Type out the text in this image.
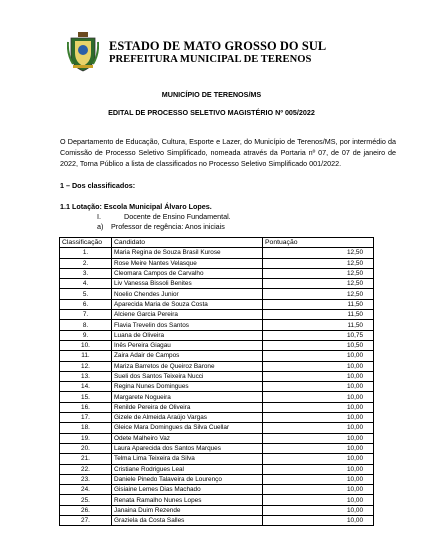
ESTADO DE MATO GROSSO DO SUL
PREFEITURA MUNICIPAL DE TERENOS
MUNICÍPIO DE TERENOS/MS
EDITAL DE PROCESSO SELETIVO MAGISTÉRIO Nº 005/2022
O Departamento de Educação, Cultura, Esporte e Lazer, do Município de Terenos/MS, por intermédio da Comissão de Processo Seletivo Simplificado, nomeada através da Portaria nº 07, de 07 de janeiro de 2022, Torna Público a lista de classificados no Processo Seletivo Simplificado 001/2022.
1 – Dos classificados:
1.1 Lotação: Escola Municipal Álvaro Lopes.
I.	Docente de Ensino Fundamental.
a) Professor de regência: Anos iniciais
Classificação	Candidato	Pontuação
1.	Maria Regina de Souza Brasil Kurose	12,50
2.	Rose Meire Nantes Velasque	12,50
3.	Cleomara Campos de Carvalho	12,50
4.	Liv Vanessa Bissoli Benites	12,50
5.	Noelio Chendes Junior	12,50
6.	Aparecida Maria de Souza Costa	11,50
7.	Alciene Garcia Pereira	11,50
8.	Flavia Trevelin dos Santos	11,50
9.	Luana de Oliveira	10,75
10.	Inês Pereira Giagau	10,50
11.	Zaira Adair de Campos	10,00
12.	Mariza Barretos de Queiroz Barone	10,00
13.	Sueli dos Santos Teixeira Nucci	10,00
14.	Regina Nunes Domingues	10,00
15.	Margarete Nogueira	10,00
16.	Renilde Pereira de Oliveira	10,00
17.	Gizele de Almeida Araújo Vargas	10,00
18.	Gleice Mara Domingues da Silva Cuellar	10,00
19.	Odete Malheiro Vaz	10,00
20.	Laura Aparecida dos Santos Marques	10,00
21.	Telma Lima Teixeira da Silva	10,00
22.	Cristiane Rodrigues Leal	10,00
23.	Daniele Pinedo Talaveira de Lourenço	10,00
24.	Gisiaine Lemes Dias Machado	10,00
25.	Renata Ramalho Nunes Lopes	10,00
26.	Janaina Duim Rezende	10,00
27.	Graziela da Costa Salles	10,00
